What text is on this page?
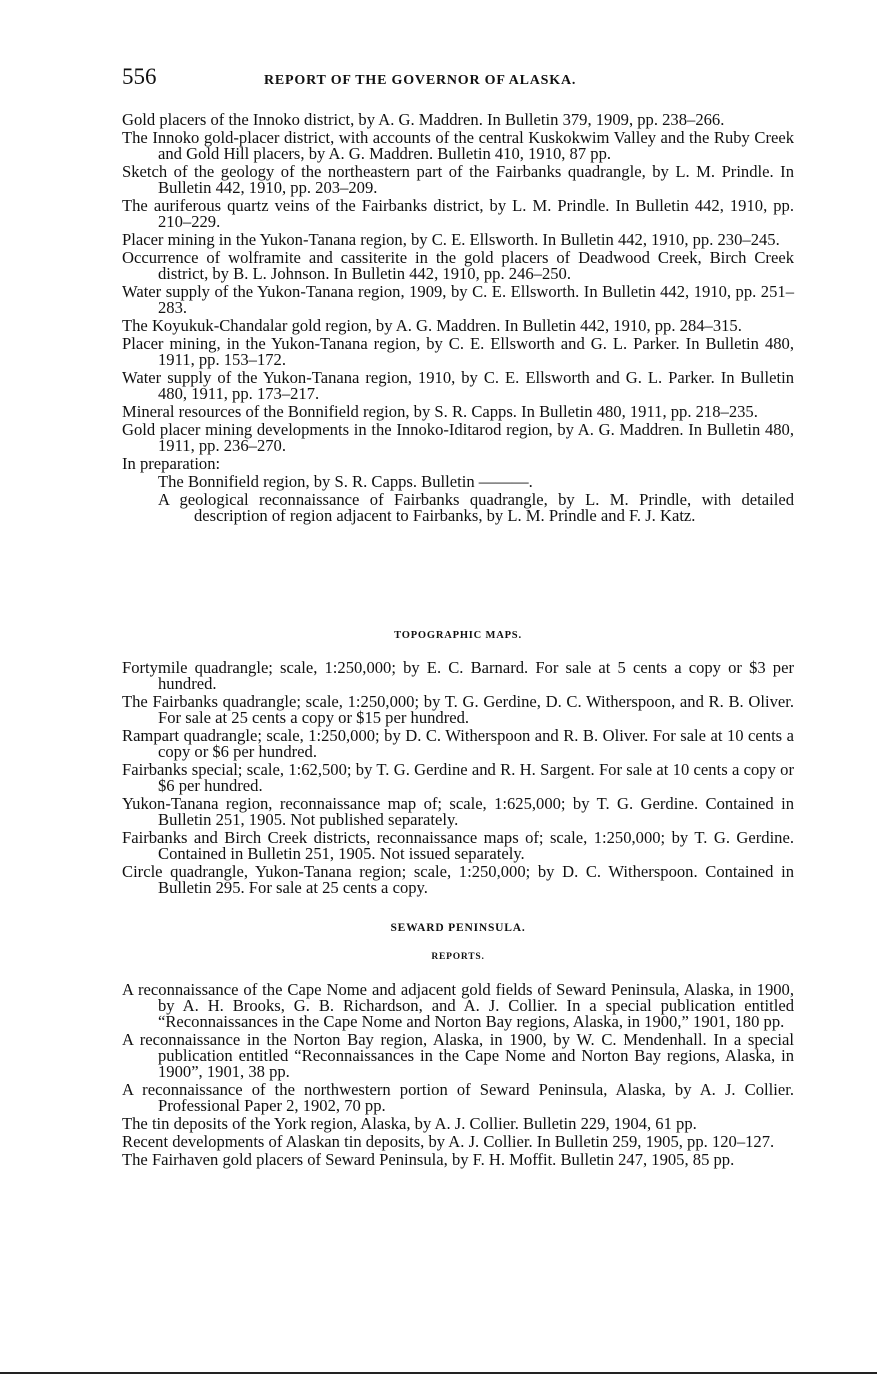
556	REPORT OF THE GOVERNOR OF ALASKA.

Gold placers of the Innoko district, by A. G. Maddren. In Bulletin 379, 1909, pp. 238–266.

The Innoko gold-placer district, with accounts of the central Kuskokwim Valley and the Ruby Creek and Gold Hill placers, by A. G. Maddren. Bulletin 410, 1910, 87 pp.

Sketch of the geology of the northeastern part of the Fairbanks quadrangle, by L. M. Prindle. In Bulletin 442, 1910, pp. 203–209.

The auriferous quartz veins of the Fairbanks district, by L. M. Prindle. In Bulletin 442, 1910, pp. 210–229.

Placer mining in the Yukon-Tanana region, by C. E. Ellsworth. In Bulletin 442, 1910, pp. 230–245.

Occurrence of wolframite and cassiterite in the gold placers of Deadwood Creek, Birch Creek district, by B. L. Johnson. In Bulletin 442, 1910, pp. 246–250.

Water supply of the Yukon-Tanana region, 1909, by C. E. Ellsworth. In Bulletin 442, 1910, pp. 251–283.

The Koyukuk-Chandalar gold region, by A. G. Maddren. In Bulletin 442, 1910, pp. 284–315.

Placer mining, in the Yukon-Tanana region, by C. E. Ellsworth and G. L. Parker. In Bulletin 480, 1911, pp. 153–172.

Water supply of the Yukon-Tanana region, 1910, by C. E. Ellsworth and G. L. Parker. In Bulletin 480, 1911, pp. 173–217.

Mineral resources of the Bonnifield region, by S. R. Capps. In Bulletin 480, 1911, pp. 218–235.

Gold placer mining developments in the Innoko-Iditarod region, by A. G. Maddren. In Bulletin 480, 1911, pp. 236–270.

In preparation:

The Bonnifield region, by S. R. Capps. Bulletin ———.

A geological reconnaissance of Fairbanks quadrangle, by L. M. Prindle, with detailed description of region adjacent to Fairbanks, by L. M. Prindle and F. J. Katz.

TOPOGRAPHIC MAPS.

Fortymile quadrangle; scale, 1:250,000; by E. C. Barnard. For sale at 5 cents a copy or $3 per hundred.

The Fairbanks quadrangle; scale, 1:250,000; by T. G. Gerdine, D. C. Witherspoon, and R. B. Oliver. For sale at 25 cents a copy or $15 per hundred.

Rampart quadrangle; scale, 1:250,000; by D. C. Witherspoon and R. B. Oliver. For sale at 10 cents a copy or $6 per hundred.

Fairbanks special; scale, 1:62,500; by T. G. Gerdine and R. H. Sargent. For sale at 10 cents a copy or $6 per hundred.

Yukon-Tanana region, reconnaissance map of; scale, 1:625,000; by T. G. Gerdine. Contained in Bulletin 251, 1905. Not published separately.

Fairbanks and Birch Creek districts, reconnaissance maps of; scale, 1:250,000; by T. G. Gerdine. Contained in Bulletin 251, 1905. Not issued separately.

Circle quadrangle, Yukon-Tanana region; scale, 1:250,000; by D. C. Witherspoon. Contained in Bulletin 295. For sale at 25 cents a copy.

SEWARD PENINSULA.
REPORTS.

A reconnaissance of the Cape Nome and adjacent gold fields of Seward Peninsula, Alaska, in 1900, by A. H. Brooks, G. B. Richardson, and A. J. Collier. In a special publication entitled “Reconnaissances in the Cape Nome and Norton Bay regions, Alaska, in 1900,” 1901, 180 pp.

A reconnaissance in the Norton Bay region, Alaska, in 1900, by W. C. Mendenhall. In a special publication entitled “Reconnaissances in the Cape Nome and Norton Bay regions, Alaska, in 1900”, 1901, 38 pp.

A reconnaissance of the northwestern portion of Seward Peninsula, Alaska, by A. J. Collier. Professional Paper 2, 1902, 70 pp.

The tin deposits of the York region, Alaska, by A. J. Collier. Bulletin 229, 1904, 61 pp.

Recent developments of Alaskan tin deposits, by A. J. Collier. In Bulletin 259, 1905, pp. 120–127.

The Fairhaven gold placers of Seward Peninsula, by F. H. Moffit. Bulletin 247, 1905, 85 pp.
